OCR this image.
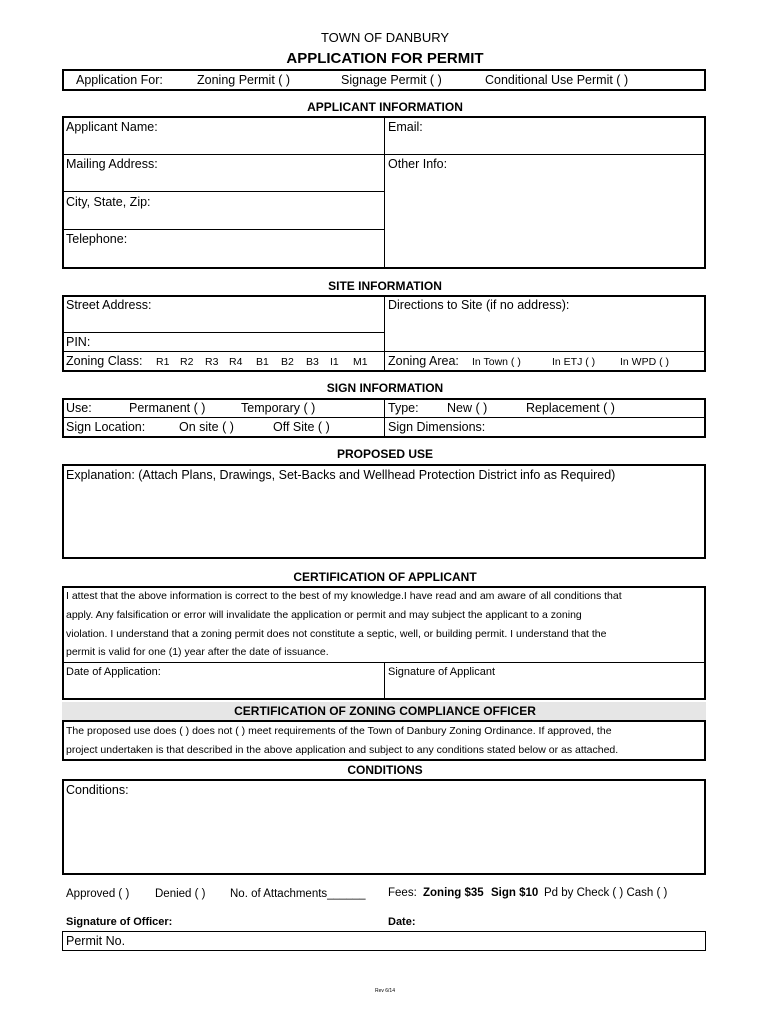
TOWN OF DANBURY
APPLICATION FOR PERMIT
Application For:	Zoning Permit ( )	Signage Permit ( )	Conditional Use Permit ( )
APPLICANT INFORMATION
Applicant Name:	Email:
Mailing Address:	Other Info:
City, State, Zip:
Telephone:
SITE INFORMATION
Street Address:	Directions to Site (if no address):
PIN:
Zoning Class: R1 R2 R3 R4 B1 B2 B3 I1 M1 Zoning Area: In Town ( )	In ETJ ( ) In WPD ( )
SIGN INFORMATION
Use:	Permanent ( )	Temporary ( )	Type: New ( )	Replacement ( )
Sign Location:	On site ( )	Off Site ( )	Sign Dimensions:
PROPOSED USE
Explanation: (Attach Plans, Drawings, Set-Backs and Wellhead Protection District info as Required)
CERTIFICATION OF APPLICANT
I attest that the above information is correct to the best of my knowledge.I have read and am aware of all conditions that
apply. Any falsification or error will invalidate the application or permit and may subject the applicant to a zoning
violation. I understand that a zoning permit does not constitute a septic, well, or building permit. I understand that the
permit is valid for one (1) year after the date of issuance.
Date of Application:	Signature of Applicant
CERTIFICATION OF ZONING COMPLIANCE OFFICER
The proposed use does ( ) does not ( ) meet requirements of the Town of Danbury Zoning Ordinance. If approved, the
project undertaken is that described in the above application and subject to any conditions stated below or as attached.
CONDITIONS
Conditions:
Approved ( ) Denied ( ) No. of Attachments______ Fees: Zoning $35 Sign $10 Pd by Check ( ) Cash ( )
Signature of Officer:	Date:
Permit No.
Rev 6/14
